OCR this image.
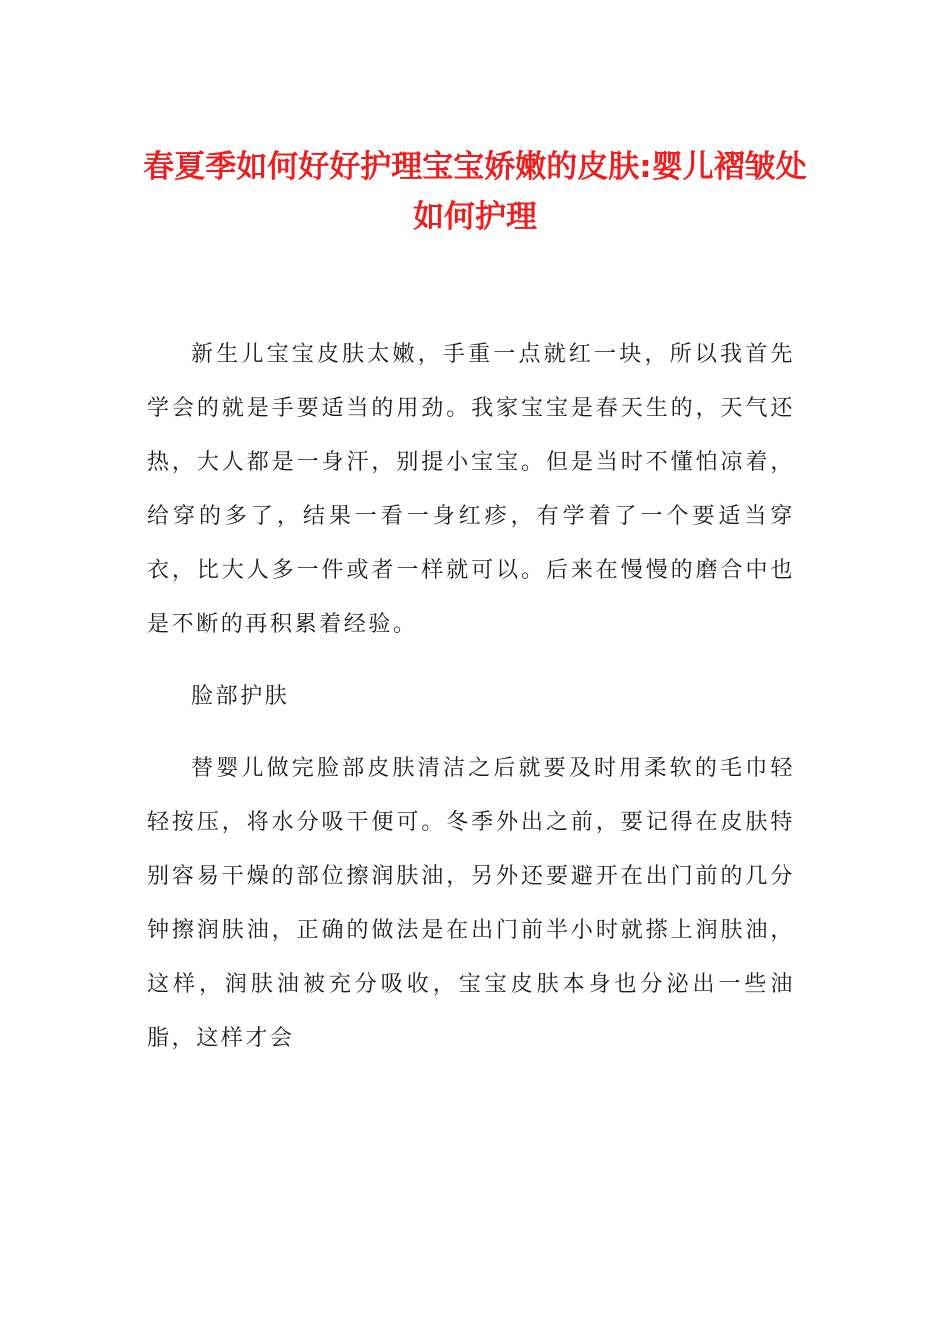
春夏季如何好好护理宝宝娇嫩的皮肤:婴儿褶皱处如何护理

新生儿宝宝皮肤太嫩，手重一点就红一块，所以我首先学会的就是手要适当的用劲。我家宝宝是春天生的，天气还热，大人都是一身汗，别提小宝宝。但是当时不懂怕凉着，给穿的多了，结果一看一身红疹，有学着了一个要适当穿衣，比大人多一件或者一样就可以。后来在慢慢的磨合中也是不断的再积累着经验。

脸部护肤

替婴儿做完脸部皮肤清洁之后就要及时用柔软的毛巾轻轻按压，将水分吸干便可。冬季外出之前，要记得在皮肤特别容易干燥的部位擦润肤油，另外还要避开在出门前的几分钟擦润肤油，正确的做法是在出门前半小时就搽上润肤油，这样，润肤油被充分吸收，宝宝皮肤本身也分泌出一些油脂，这样才会
